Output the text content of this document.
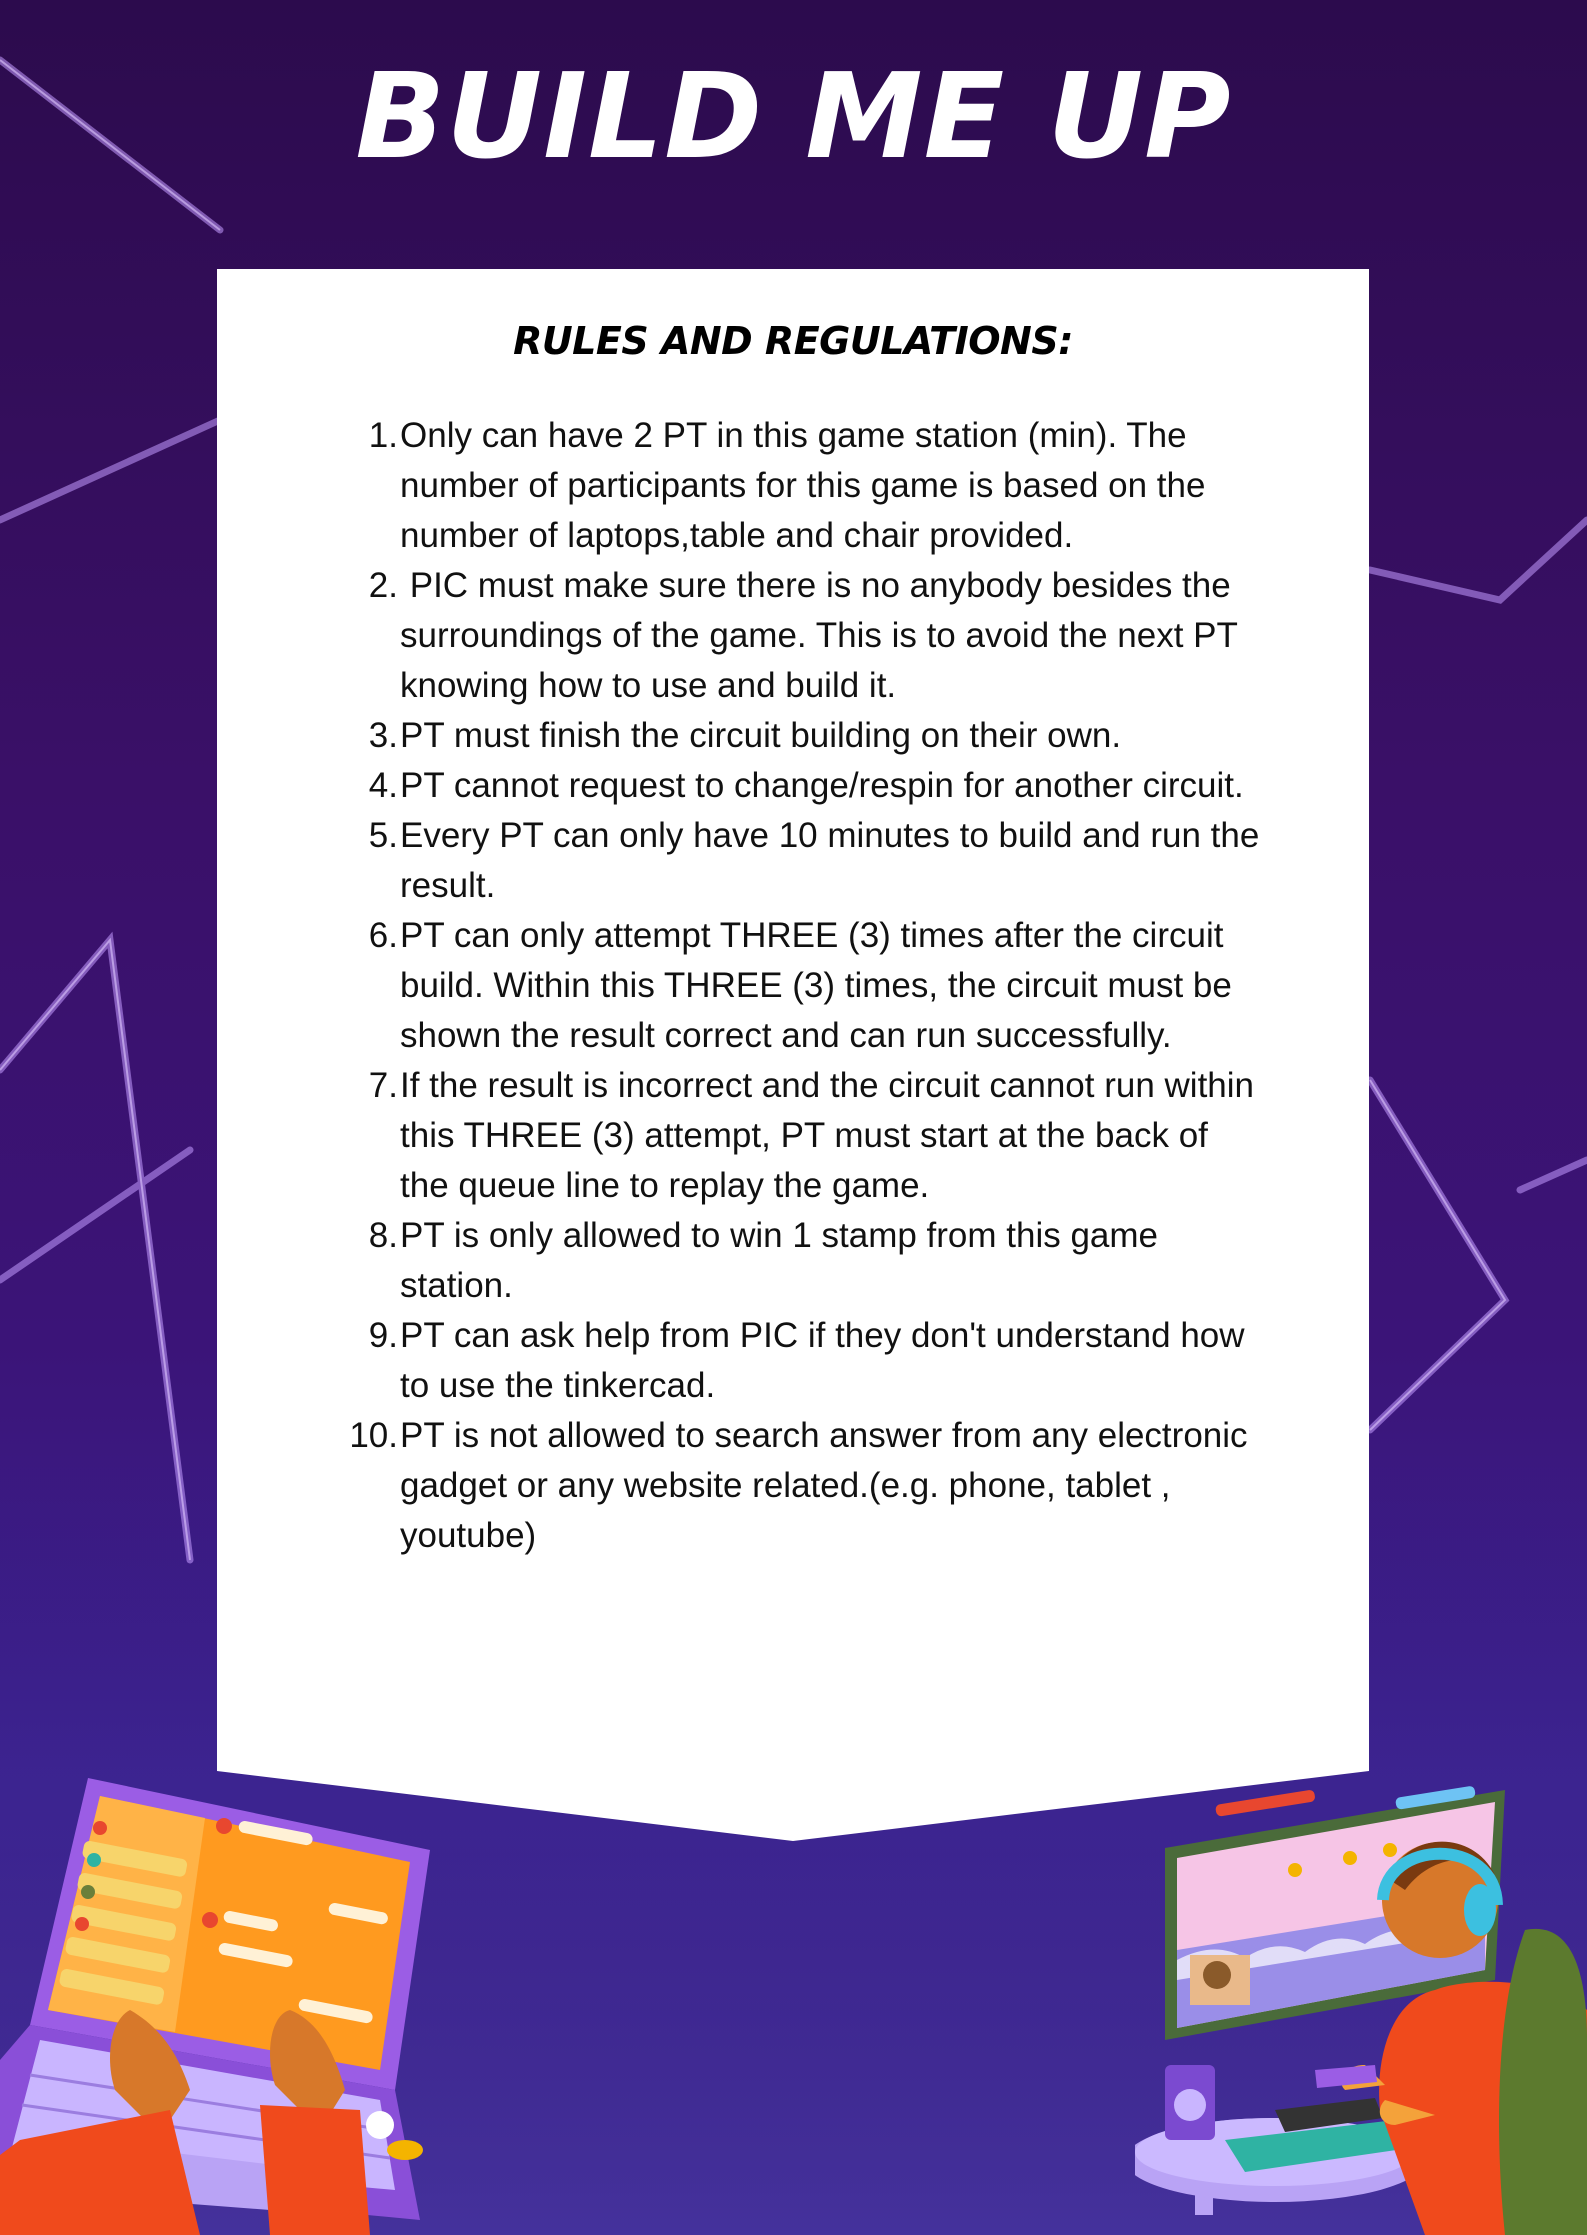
BUILD ME UP
RULES AND REGULATIONS:
1. Only can have 2 PT in this game station (min). The number of participants for this game is based on the number of laptops,table and chair provided.
2. PIC must make sure there is no anybody besides the surroundings of the game. This is to avoid the next PT knowing how to use and build it.
3. PT must finish the circuit building on their own.
4. PT cannot request to change/respin for another circuit.
5. Every PT can only have 10 minutes to build and run the result.
6. PT can only attempt THREE (3) times after the circuit build. Within this THREE (3) times, the circuit must be shown the result correct and can run successfully.
7. If the result is incorrect and the circuit cannot run within this THREE (3) attempt, PT must start at the back of the queue line to replay the game.
8. PT is only allowed to win 1 stamp from this game station.
9. PT can ask help from PIC if they don't understand how to use the tinkercad.
10. PT is not allowed to search answer from any electronic gadget or any website related.(e.g. phone, tablet , youtube)
